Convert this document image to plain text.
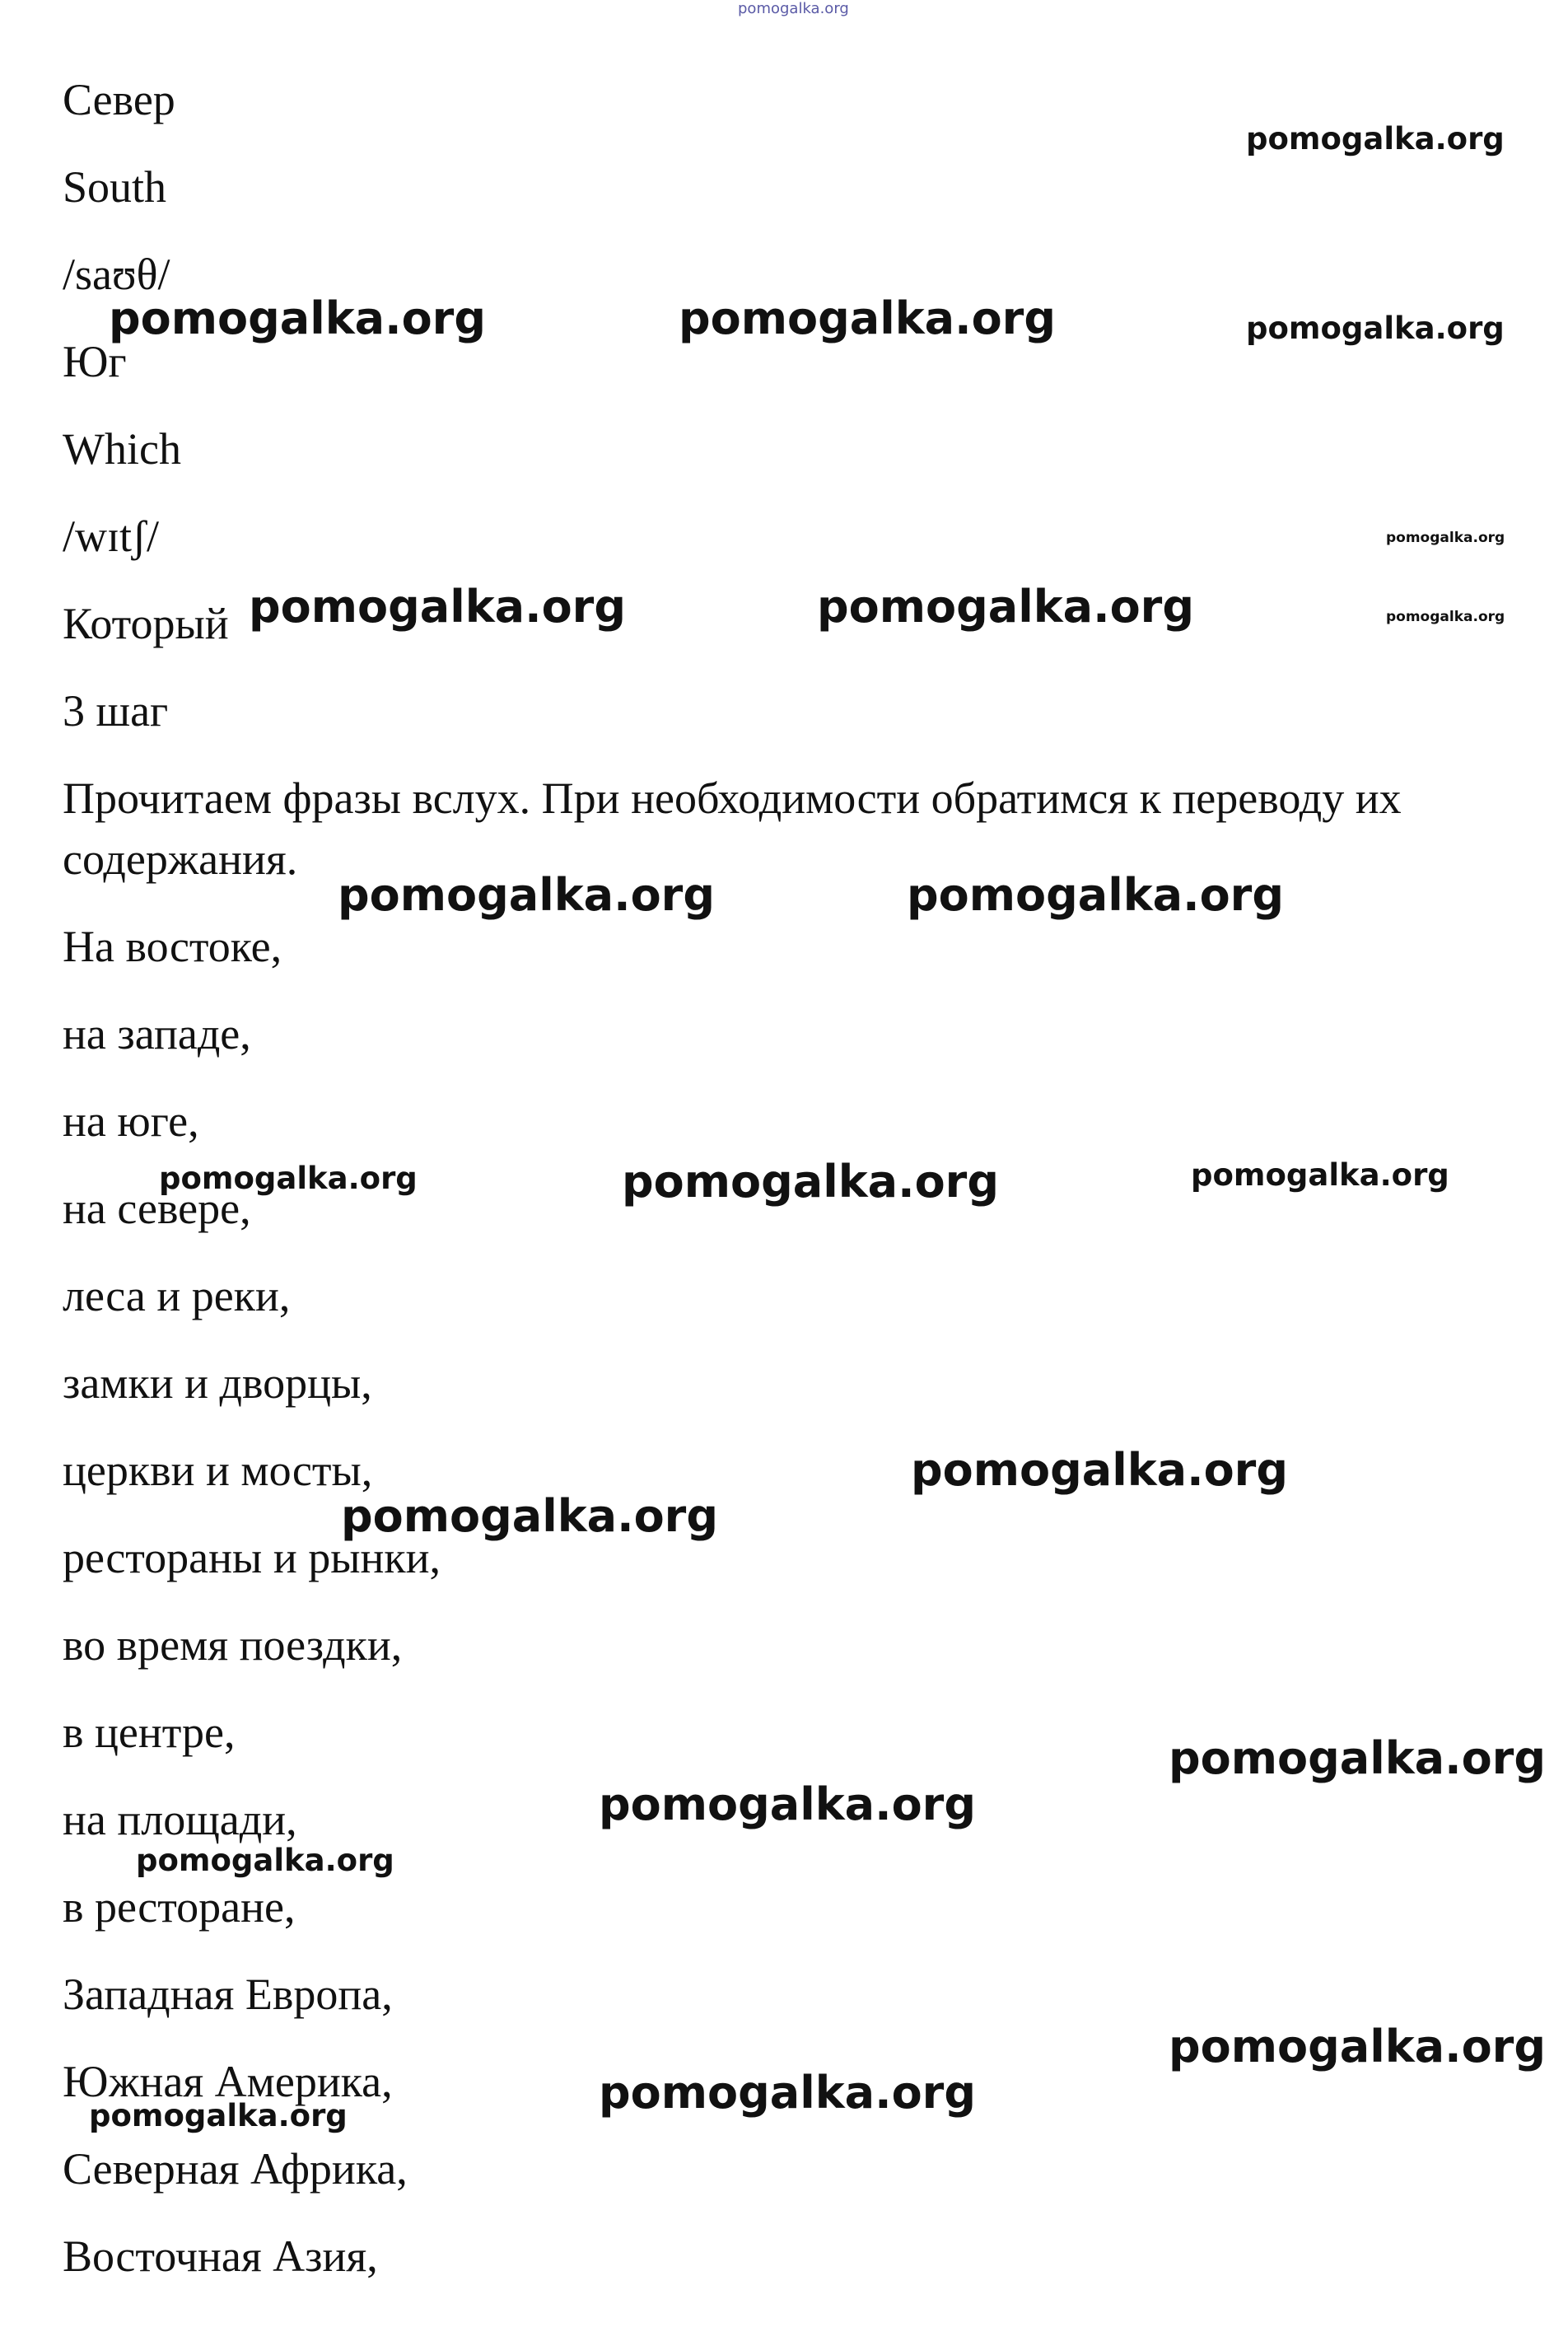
pomogalka.org
Север
South
/saʊθ/
Юг
Which
/wɪtʃ/
Который
3 шаг
Прочитаем фразы вслух. При необходимости обратимся к переводу их содержания.
На востоке,
на западе,
на юге,
на севере,
леса и реки,
замки и дворцы,
церкви и мосты,
рестораны и рынки,
во время поездки,
в центре,
на площади,
в ресторане,
Западная Европа,
Южная Америка,
Северная Африка,
Восточная Азия,
pomogalka.org
pomogalka.org	pomogalka.org	pomogalka.org
pomogalka.org
pomogalka.org	pomogalka.org	pomogalka.org
pomogalka.org	pomogalka.org
pomogalka.org	pomogalka.org	pomogalka.org
pomogalka.org
pomogalka.org
pomogalka.org
pomogalka.org
pomogalka.org
pomogalka.org
pomogalka.org
pomogalka.org
